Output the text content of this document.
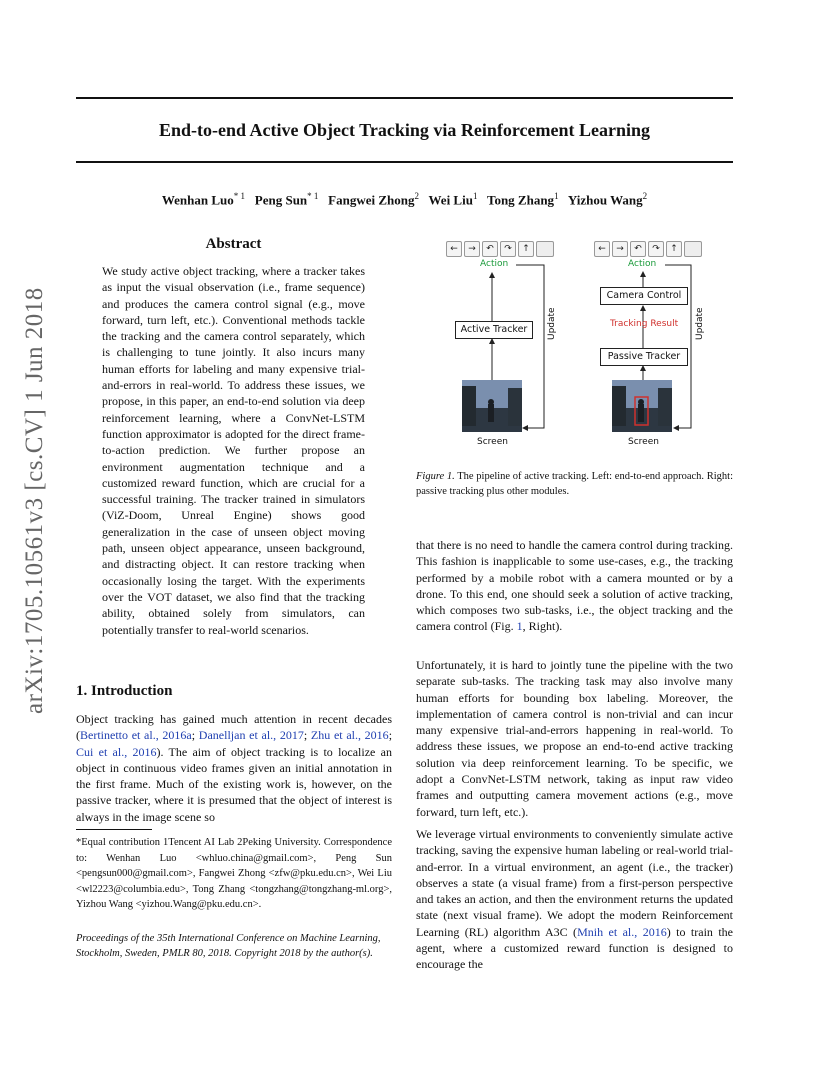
End-to-end Active Object Tracking via Reinforcement Learning
Wenhan Luo$^{* 1}$ Peng Sun$^{* 1}$ Fangwei Zhong$^2$ Wei Liu$^1$ Tong Zhang$^1$ Yizhou Wang$^2$
arXiv:1705.10561v3 [cs.CV] 1 Jun 2018
Abstract
We study active object tracking, where a tracker takes as input the visual observation (i.e., frame sequence) and produces the camera control signal (e.g., move forward, turn left, etc.). Conventional methods tackle the tracking and the camera control separately, which is challenging to tune jointly. It also incurs many human efforts for labeling and many expensive trial-and-errors in real-world. To address these issues, we propose, in this paper, an end-to-end solution via deep reinforcement learning, where a ConvNet-LSTM function approximator is adopted for the direct frame-to-action prediction. We further propose an environment augmentation technique and a customized reward function, which are crucial for a successful training. The tracker trained in simulators (ViZ-Doom, Unreal Engine) shows good generalization in the case of unseen object moving path, unseen object appearance, unseen background, and distracting object. It can restore tracking when occasionally losing the target. With the experiments over the VOT dataset, we also find that the tracking ability, obtained solely from simulators, can potentially transfer to real-world scenarios.
1. Introduction
Object tracking has gained much attention in recent decades (Bertinetto et al., 2016a; Danelljan et al., 2017; Zhu et al., 2016; Cui et al., 2016). The aim of object tracking is to localize an object in continuous video frames given an initial annotation in the first frame. Much of the existing work is, however, on the passive tracker, where it is presumed that the object of interest is always in the image scene so
*Equal contribution 1Tencent AI Lab 2Peking University. Correspondence to: Wenhan Luo <whluo.china@gmail.com>, Peng Sun <pengsun000@gmail.com>, Fangwei Zhong <zfw@pku.edu.cn>, Wei Liu <wl2223@columbia.edu>, Tong Zhang <tongzhang@tongzhang-ml.org>, Yizhou Wang <yizhou.Wang@pku.edu.cn>.
Proceedings of the 35th International Conference on Machine Learning, Stockholm, Sweden, PMLR 80, 2018. Copyright 2018 by the author(s).
←	→	↶	↷	↑
Action
Active Tracker	Update
Screen
←	→	↶	↷	↑
Action
Camera Control
Tracking Result
Passive Tracker
Update
Screen
Figure 1. The pipeline of active tracking. Left: end-to-end approach. Right: passive tracking plus other modules.
that there is no need to handle the camera control during tracking. This fashion is inapplicable to some use-cases, e.g., the tracking performed by a mobile robot with a camera mounted or by a drone. To this end, one should seek a solution of active tracking, which composes two sub-tasks, i.e., the object tracking and the camera control (Fig. 1, Right).
Unfortunately, it is hard to jointly tune the pipeline with the two separate sub-tasks. The tracking task may also involve many human efforts for bounding box labeling. Moreover, the implementation of camera control is non-trivial and can incur many expensive trial-and-errors happening in real-world. To address these issues, we propose an end-to-end active tracking solution via deep reinforcement learning. To be specific, we adopt a ConvNet-LSTM network, taking as input raw video frames and outputting camera movement actions (e.g., move forward, turn left, etc.).
We leverage virtual environments to conveniently simulate active tracking, saving the expensive human labeling or real-world trial-and-error. In a virtual environment, an agent (i.e., the tracker) observes a state (a visual frame) from a first-person perspective and takes an action, and then the environment returns the updated state (next visual frame). We adopt the modern Reinforcement Learning (RL) algorithm A3C (Mnih et al., 2016) to train the agent, where a customized reward function is designed to encourage the
